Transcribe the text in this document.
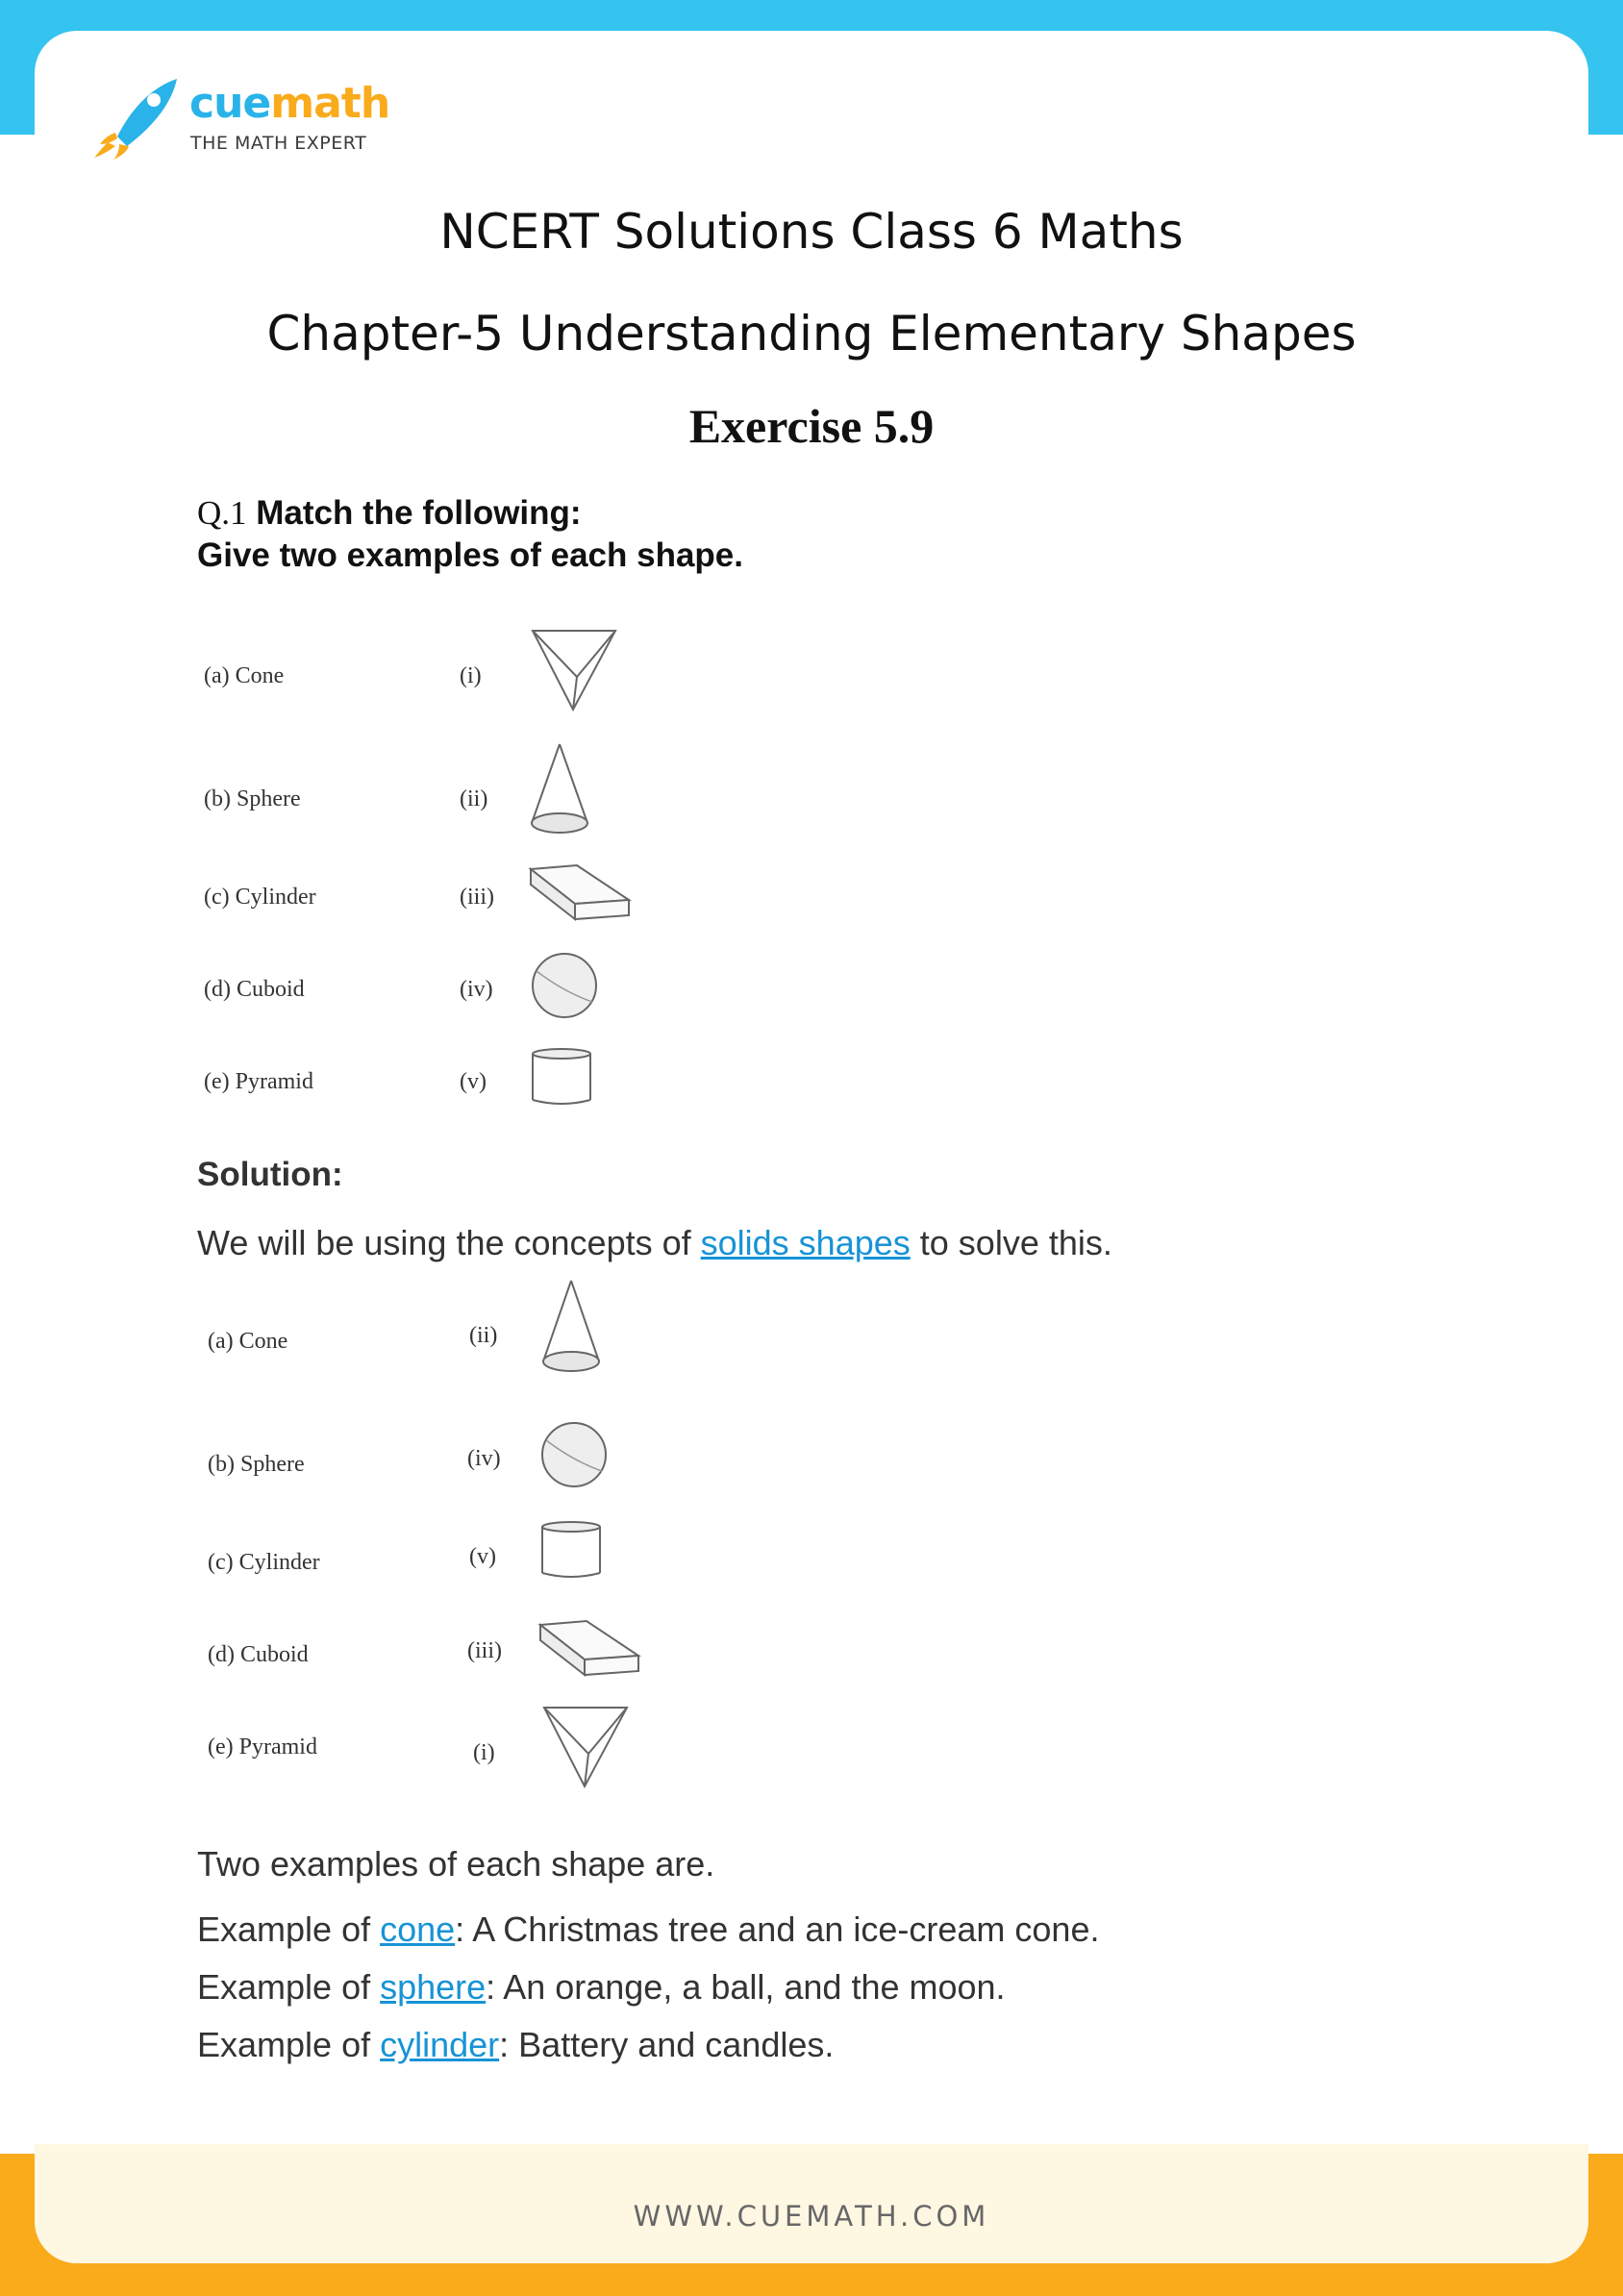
cuemath
THE MATH EXPERT
NCERT Solutions Class 6 Maths
Chapter-5 Understanding Elementary Shapes
Exercise 5.9
Q.1 Match the following:
Give two examples of each shape.
(a) Cone	(i)
(b) Sphere	(ii)
(c) Cylinder	(iii)
(d) Cuboid	(iv)
(e) Pyramid	(v)
Solution:
We will be using the concepts of solids shapes to solve this.
(a) Cone	(ii)
(b) Sphere	(iv)
(c) Cylinder	(v)
(d) Cuboid	(iii)
(e) Pyramid	(i)
Two examples of each shape are.
Example of cone: A Christmas tree and an ice-cream cone.
Example of sphere: An orange, a ball, and the moon.
Example of cylinder: Battery and candles.
WWW.CUEMATH.COM
